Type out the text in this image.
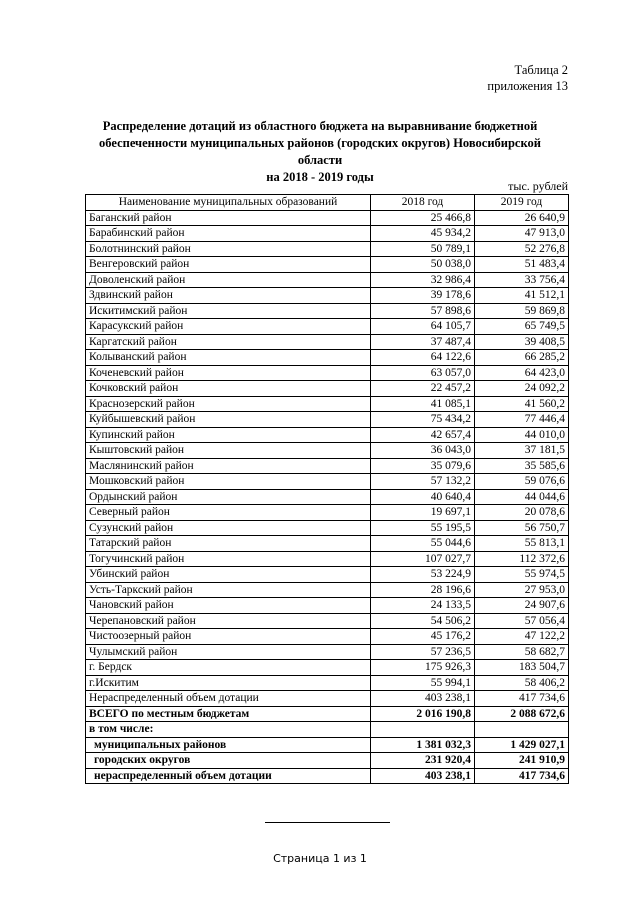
Таблица 2
приложения 13
Распределение дотаций из областного бюджета на выравнивание бюджетной
обеспеченности муниципальных районов (городских округов) Новосибирской области
на 2018 - 2019 годы
тыс. рублей
Наименование муниципальных образований	2018 год	2019 год
Баганский район	25 466,8	26 640,9
Барабинский район	45 934,2	47 913,0
Болотнинский район	50 789,1	52 276,8
Венгеровский район	50 038,0	51 483,4
Доволенский район	32 986,4	33 756,4
Здвинский район	39 178,6	41 512,1
Искитимский район	57 898,6	59 869,8
Карасукский район	64 105,7	65 749,5
Каргатский район	37 487,4	39 408,5
Колыванский район	64 122,6	66 285,2
Коченевский район	63 057,0	64 423,0
Кочковский район	22 457,2	24 092,2
Краснозерский район	41 085,1	41 560,2
Куйбышевский район	75 434,2	77 446,4
Купинский район	42 657,4	44 010,0
Кыштовский район	36 043,0	37 181,5
Маслянинский район	35 079,6	35 585,6
Мошковский район	57 132,2	59 076,6
Ордынский район	40 640,4	44 044,6
Северный район	19 697,1	20 078,6
Сузунский район	55 195,5	56 750,7
Татарский район	55 044,6	55 813,1
Тогучинский район	107 027,7	112 372,6
Убинский район	53 224,9	55 974,5
Усть-Таркский район	28 196,6	27 953,0
Чановский район	24 133,5	24 907,6
Черепановский район	54 506,2	57 056,4
Чистоозерный район	45 176,2	47 122,2
Чулымский район	57 236,5	58 682,7
г. Бердск	175 926,3	183 504,7
г.Искитим	55 994,1	58 406,2
Нераспределенный объем дотации	403 238,1	417 734,6
ВСЕГО по местным бюджетам	2 016 190,8	2 088 672,6
в том числе:		
муниципальных районов	1 381 032,3	1 429 027,1
городских округов	231 920,4	241 910,9
нераспределенный объем дотации	403 238,1	417 734,6
Страница 1 из 1
